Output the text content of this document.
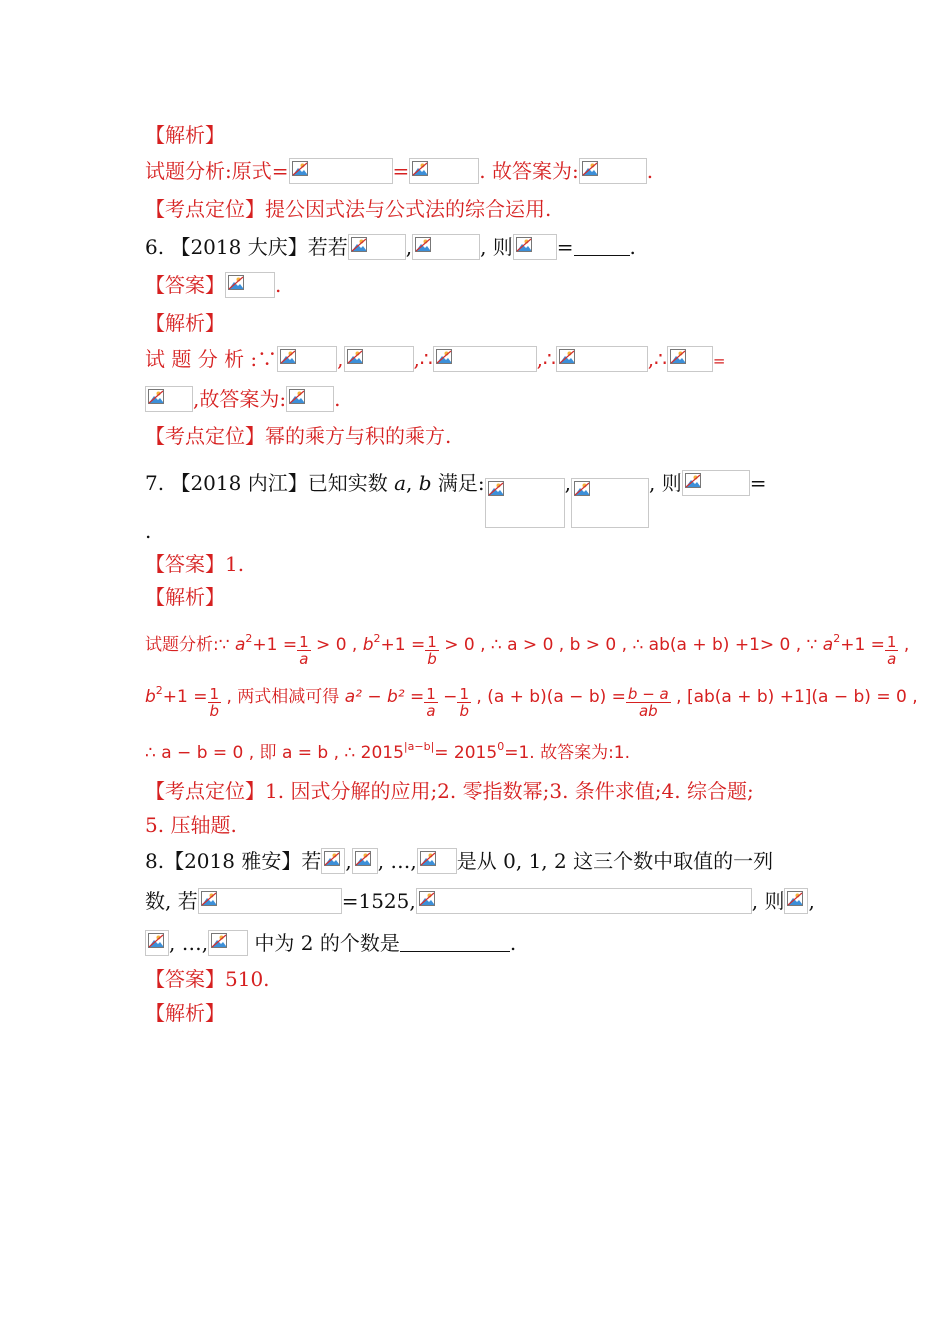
【解析】
试题分析:原式=	=	. 故答案为:	.
【考点定位】提公因式法与公式法的综合运用.
6. 【2018 大庆】若若	,	, 则 =	.
【答案】	.
【解析】
试 题 分 析 :∵	,	,∴	,∴	,∴	=
,故答案为: .
【考点定位】幂的乘方与积的乘方.
7. 【2018 内江】已知实数 a, b 满足:	,	, 则	=
.
【答案】1.
【解析】
试题分析:∵ $a^2+1 = \frac{1}{a} > 0$ , $b^2+1 = \frac{1}{b} > 0$ , ∴ a > 0 , b > 0 , ∴ ab(a + b) +1> 0 , ∵ $a^2+1 = \frac{1}{a}$ ,
$b^2+1 = \frac{1}{b}$ , 两式相减可得 $a^2 - b^2 = \frac{1}{a} - \frac{1}{b}$ , $(a + b)(a - b) = \frac{b - a}{ab}$ , [ab(a + b) +1](a − b) = 0 ,
∴ a − b = 0 , 即 a = b , ∴ $2015^{|a-b|}= 2015^0=1$. 故答案为:1.
【考点定位】1. 因式分解的应用;2. 零指数幂;3. 条件求值;4. 综合题;
5. 压轴题.
8.【2018 雅安】若 , , …, 是从 0, 1, 2 这三个数中取值的一列
数, 若	=1525,	, 则 ,
, …,
中为 2 的个数是	.
【答案】510.
【解析】
